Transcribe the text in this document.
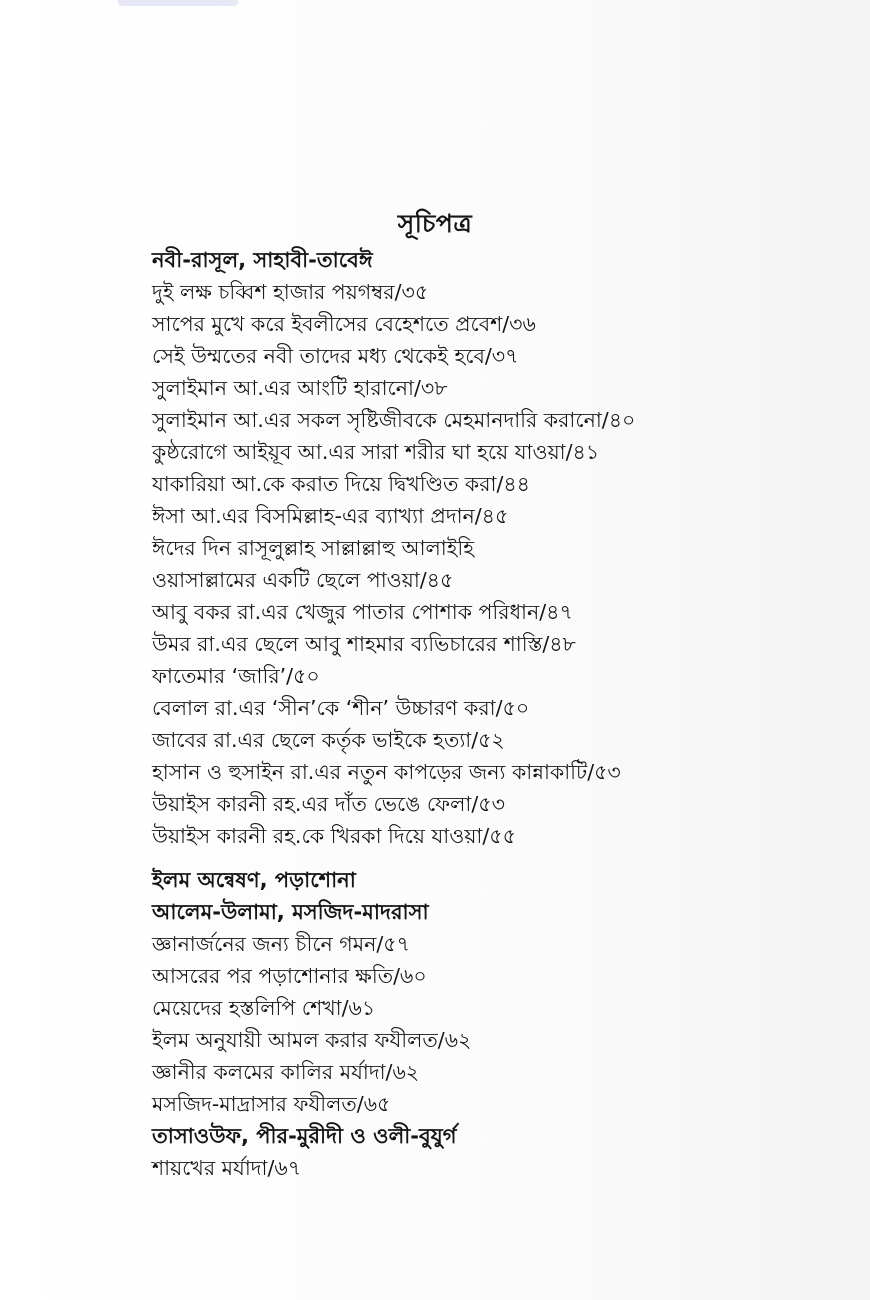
সূচিপত্র
নবী-রাসূল, সাহাবী-তাবেঈ
দুই লক্ষ চব্বিশ হাজার পয়গম্বর/৩৫
সাপের মুখে করে ইবলীসের বেহেশতে প্রবেশ/৩৬
সেই উম্মতের নবী তাদের মধ্য থেকেই হবে/৩৭
সুলাইমান আ.এর আংটি হারানো/৩৮
সুলাইমান আ.এর সকল সৃষ্টিজীবকে মেহমানদারি করানো/৪০
কুষ্ঠরোগে আইয়ূব আ.এর সারা শরীর ঘা হয়ে যাওয়া/৪১
যাকারিয়া আ.কে করাত দিয়ে দ্বিখণ্ডিত করা/৪৪
ঈসা আ.এর বিসমিল্লাহ-এর ব্যাখ্যা প্রদান/৪৫
ঈদের দিন রাসূলুল্লাহ সাল্লাল্লাহু আলাইহি
ওয়াসাল্লামের একটি ছেলে পাওয়া/৪৫
আবু বকর রা.এর খেজুর পাতার পোশাক পরিধান/৪৭
উমর রা.এর ছেলে আবু শাহমার ব্যভিচারের শাস্তি/৪৮
ফাতেমার ‘জারি’/৫০
বেলাল রা.এর ‘সীন’কে ‘শীন’ উচ্চারণ করা/৫০
জাবের রা.এর ছেলে কর্তৃক ভাইকে হত্যা/৫২
হাসান ও হুসাইন রা.এর নতুন কাপড়ের জন্য কান্নাকাটি/৫৩
উয়াইস কারনী রহ.এর দাঁত ভেঙে ফেলা/৫৩
উয়াইস কারনী রহ.কে খিরকা দিয়ে যাওয়া/৫৫
ইলম অন্বেষণ, পড়াশোনা
আলেম-উলামা, মসজিদ-মাদরাসা
জ্ঞানার্জনের জন্য চীনে গমন/৫৭
আসরের পর পড়াশোনার ক্ষতি/৬০
মেয়েদের হস্তলিপি শেখা/৬১
ইলম অনুযায়ী আমল করার ফযীলত/৬২
জ্ঞানীর কলমের কালির মর্যাদা/৬২
মসজিদ-মাদ্রাসার ফযীলত/৬৫
তাসাওউফ, পীর-মুরীদী ও ওলী-বুযুর্গ
শায়খের মর্যাদা/৬৭
